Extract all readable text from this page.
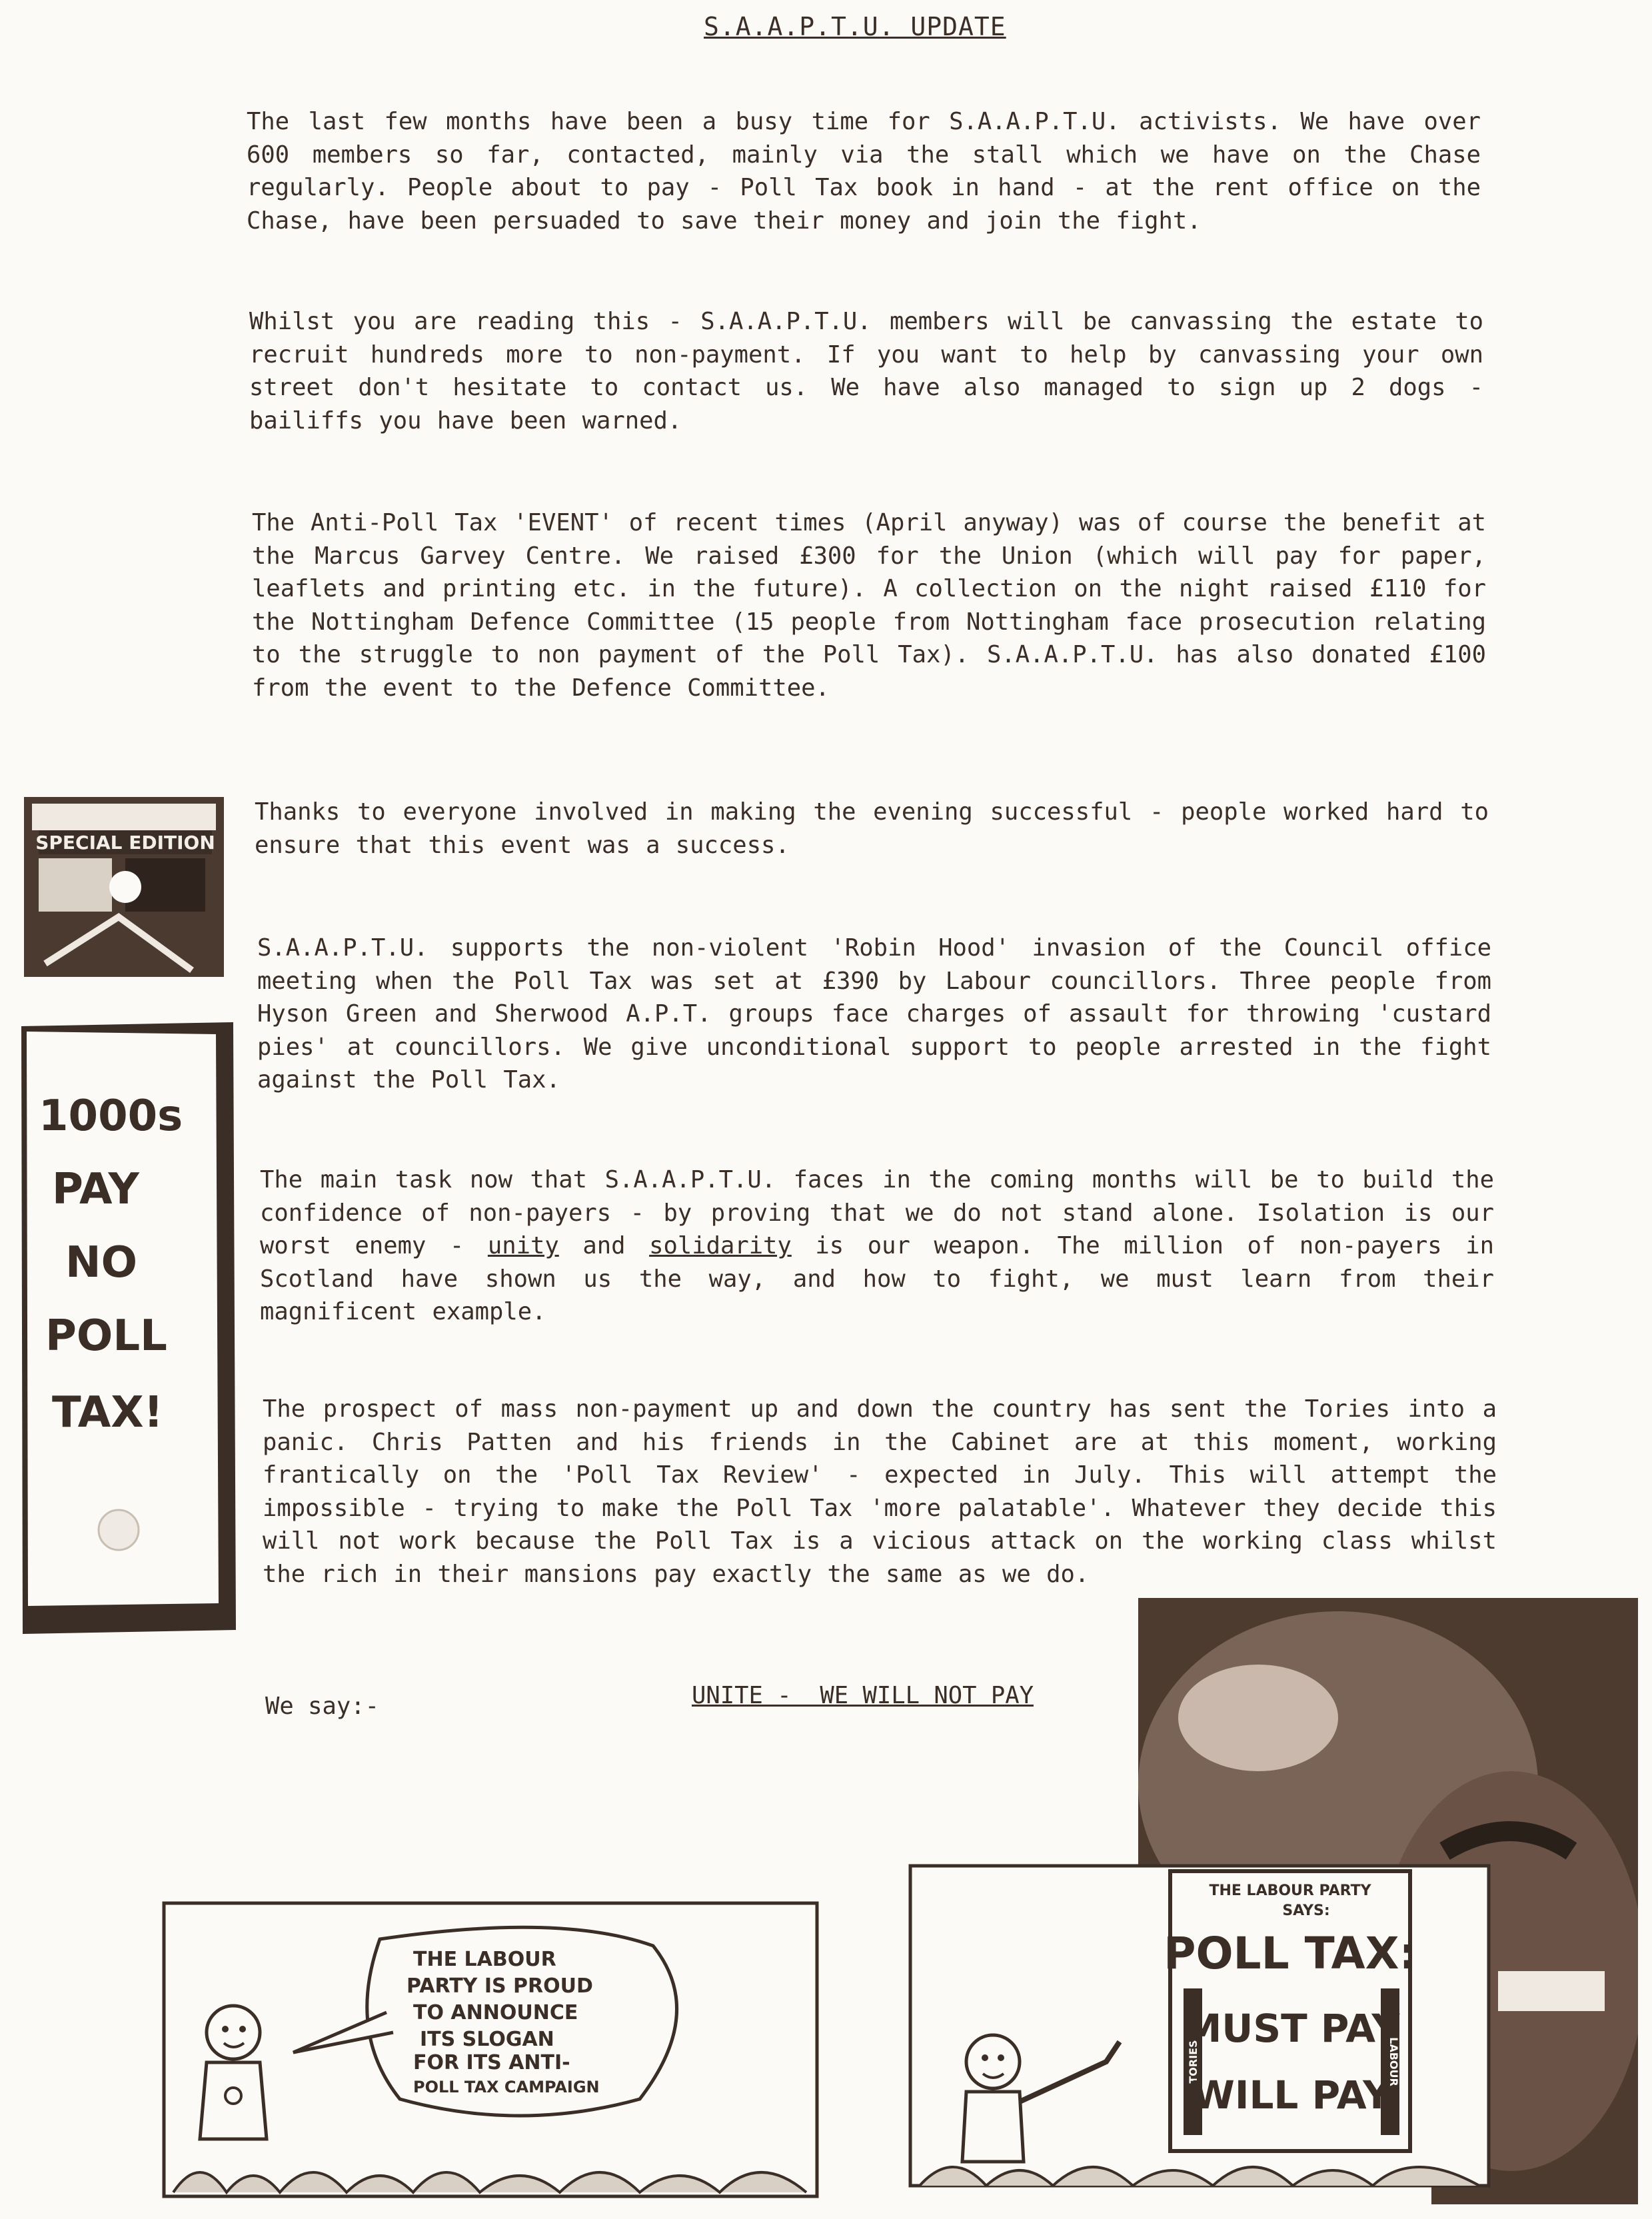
S.A.A.P.T.U. UPDATE

The last few months have been a busy time for S.A.A.P.T.U. activists. We have over 600 members so far, contacted, mainly via the stall which we have on the Chase regularly. People about to pay - Poll Tax book in hand - at the rent office on the Chase, have been persuaded to save their money and join the fight.

Whilst you are reading this - S.A.A.P.T.U. members will be canvassing the estate to recruit hundreds more to non-payment. If you want to help by canvassing your own street don't hesitate to contact us. We have also managed to sign up 2 dogs - bailiffs you have been warned.

The Anti-Poll Tax 'EVENT' of recent times (April anyway) was of course the benefit at the Marcus Garvey Centre. We raised £300 for the Union (which will pay for paper, leaflets and printing etc. in the future). A collection on the night raised £110 for the Nottingham Defence Committee (15 people from Nottingham face prosecution relating to the struggle to non payment of the Poll Tax). S.A.A.P.T.U. has also donated £100 from the event to the Defence Committee.

Thanks to everyone involved in making the evening successful - people worked hard to ensure that this event was a success.

S.A.A.P.T.U. supports the non-violent 'Robin Hood' invasion of the Council office meeting when the Poll Tax was set at £390 by Labour councillors. Three people from Hyson Green and Sherwood A.P.T. groups face charges of assault for throwing 'custard pies' at councillors. We give unconditional support to people arrested in the fight against the Poll Tax.

The main task now that S.A.A.P.T.U. faces in the coming months will be to build the confidence of non-payers - by proving that we do not stand alone. Isolation is our worst enemy - unity and solidarity is our weapon. The million of non-payers in Scotland have shown us the way, and how to fight, we must learn from their magnificent example.

The prospect of mass non-payment up and down the country has sent the Tories into a panic. Chris Patten and his friends in the Cabinet are at this moment, working frantically on the 'Poll Tax Review' - expected in July. This will attempt the impossible - trying to make the Poll Tax 'more palatable'. Whatever they decide this will not work because the Poll Tax is a vicious attack on the working class whilst the rich in their mansions pay exactly the same as we do.

We say:-	UNITE -  WE WILL NOT PAY
SPECIAL EDITION
1000s
PAY
NO
POLL
TAX!
THE LABOUR
PARTY IS PROUD
TO ANNOUNCE
ITS SLOGAN
FOR ITS ANTI-
POLL TAX CAMPAIGN
THE LABOUR PARTY
SAYS:
POLL TAX:
TORIES	LABOUR
MUST PAY
WILL PAY
